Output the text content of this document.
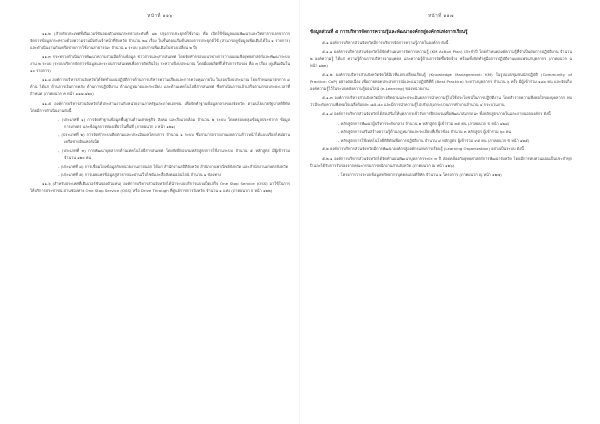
หน้าที่ ๑๑๖

๑๑.๒ (สำหรับประเทศที่เติมเวอร์ชันจองตัวแทนกระทรวงระดับที่ ๑๒ ปรุงการประยุกต์ใช้งาน) คือ เปิดใช้ข้อมูลแผนพัฒนาและวิทยาการเจรจาการ จัดการข้อมูลกระทรวงด้วยความร่วมมือกับเจ้าหน้าที่จังหวัด จำนวน ๒๔ เรื่อง ในขั้นตอนเริ่มต้นของการประยุกต์ใช้ (สามารถดูข้อมูลเพิ่มเติมได้ใน ๑ รายการ) และดำเนินงานกับเครือข่ายการใช้งานสาธารณะ จำนวน ๑ ระบบ (เอกสารเพิ่มเติมในช่วงเปลี่ยน ๒ ปี)

๑๑.๓ กระทรวงดำเนินการพัฒนาความร่วมมือด้านข้อมูล ข่าวสารและสารสนเทศ โดยจัดทำกรอบแนวทางการวางแผนเชิงยุทธศาสตร์และพัฒนาระบบงาน ๒ ระบบ (ระบบบริหารจัดการข้อมูลและระบบสารสนเทศเพื่อการตัดสินใจ) ระหว่างปีงบประมาณ โดยมีผลผลิตที่ได้รับการรับรอง คือ ๓ เรื่อง (ดูเพิ่มเติมใน ๑๐ รายการ)

๑๑.๔ องค์การบริหารส่วนจังหวัดได้จัดทำแผนปฏิบัติการด้านการบริหารความเสี่ยงและการควบคุมภายใน ในรอบปีงบประมาณ โดยกำหนดมาตรการ ๔ ด้าน ได้แก่ ด้านการเงินการคลัง ด้านการปฏิบัติงาน ด้านกฎหมายและระเบียบ และด้านเทคโนโลยีสารสนเทศ ซึ่งดำเนินการแล้วเสร็จตามกรอบระยะเวลาที่กำหนด (ภาคผนวก ค หน้า ๑๑๗-๑๒๐)

๑๑.๕ องค์การบริหารส่วนจังหวัดได้ประสานงานกับหน่วยงานภาครัฐและภาคเอกชน เพื่อจัดทำฐานข้อมูลกลางของจังหวัด ตามนโยบายรัฐบาลดิจิทัล โดยมีการดำเนินงานดังนี้

- (ประเภทที่ ๑) การจัดทำฐานข้อมูลพื้นฐานด้านเศรษฐกิจ สังคม และสิ่งแวดล้อม จำนวน ๒ ระบบ โดยครอบคลุมข้อมูลประชากร ข้อมูลการเกษตร และข้อมูลการท่องเที่ยวในพื้นที่ (ภาคผนวก ง หน้า ๑๒๑)

- (ประเภทที่ ๒) การจัดทำระบบติดตามและประเมินผลโครงการ จำนวน ๑ ระบบ ซึ่งสามารถรายงานผลความก้าวหน้าได้แบบเรียลไทม์ผ่านเครือข่ายอินเทอร์เน็ต

- (ประเภทที่ ๓) การพัฒนาบุคลากรด้านเทคโนโลยีสารสนเทศ โดยจัดฝึกอบรมหลักสูตรการใช้งานระบบ จำนวน ๕ หลักสูตร มีผู้เข้าร่วมจำนวน ๑๒๐ คน

- (ประเภทที่ ๔) การเชื่อมโยงข้อมูลกับหน่วยงานภายนอก ได้แก่ สำนักงานสถิติจังหวัด สำนักงานพาณิชย์จังหวัด และสำนักงานเกษตรจังหวัด

- (ประเภทที่ ๕) การเผยแพร่ข้อมูลสู่สาธารณะผ่านเว็บไซต์และสื่อสังคมออนไลน์ จำนวน ๑ ช่องทาง

๑๑.๖ (สำหรับประเทศที่เติมเวอร์ชันจองตัวแทน) องค์การบริหารส่วนจังหวัดได้นำระบบบริการแบบเบ็ดเสร็จ One Stop Service (OSS) มาใช้ในการให้บริการประชาชน ผ่านช่องทาง One Stop Service (OSS) หรือ Drive Through ที่ศูนย์ราชการจังหวัด จำนวน ๑ แห่ง (ภาคผนวก จ หน้า ๑๒๒)

หน้าที่ ๑๑๗
ข้อมูลส่วนที่ ๕ การบริหารจัดการความรู้และพัฒนาองค์กรสู่องค์กรแห่งการเรียนรู้

๕.๑ องค์การบริหารส่วนจังหวัดมีการบริหารจัดการความรู้ภายในองค์กร ดังนี้

๕.๑.๑ องค์การบริหารส่วนจังหวัดได้จัดทำแผนการจัดการความรู้ (KM Action Plan) ประจำปี โดยกำหนดองค์ความรู้ที่จำเป็นต่อการปฏิบัติงาน จำนวน ๒ องค์ความรู้ ได้แก่ ความรู้ด้านการบริหารงานบุคคล และความรู้ด้านการจัดซื้อจัดจ้าง พร้อมทั้งจัดทำคู่มือการปฏิบัติงานเผยแพร่แก่บุคลากร (ภาคผนวก ฉ หน้า ๑๒๓)

๕.๑.๒ องค์การบริหารส่วนจังหวัดจัดให้มีเวทีแลกเปลี่ยนเรียนรู้ (Knowledge Management: KM) ในรูปแบบชุมชนนักปฏิบัติ (Community of Practice: CoP) อย่างต่อเนื่อง เพื่อถ่ายทอดประสบการณ์และแนวปฏิบัติที่ดี (Best Practice) ระหว่างบุคลากร จำนวน ๖ ครั้ง มีผู้เข้าร่วม ๑๘๐ คน และจัดเก็บองค์ความรู้ไว้ในระบบคลังความรู้ออนไลน์ (e-Learning) ของหน่วยงาน

๕.๑.๓ องค์การบริหารส่วนจังหวัดมีการติดตามและประเมินผลการนำความรู้ไปใช้ประโยชน์ในการปฏิบัติงาน โดยสำรวจความพึงพอใจของบุคลากร พบว่ามีระดับความพึงพอใจเฉลี่ยร้อยละ ๘๕.๔๐ และมีการนำความรู้ไปปรับปรุงกระบวนการทำงานจำนวน ๔ กระบวนงาน

๕.๑.๔ องค์การบริหารส่วนจังหวัดได้ส่งเสริมให้บุคลากรเข้ารับการฝึกอบรมเพื่อพัฒนาสมรรถนะ ทั้งหลักสูตรภายในและภายนอกองค์กร ดังนี้

- หลักสูตรการพัฒนาผู้บริหารระดับกลาง จำนวน ๒ หลักสูตร ผู้เข้าร่วม ๓๕ คน (ภาคผนวก ช หน้า ๑๒๔)

- หลักสูตรการเสริมสร้างความรู้ด้านกฎหมายและระเบียบที่เกี่ยวข้อง จำนวน ๓ หลักสูตร ผู้เข้าร่วม ๖๐ คน

- หลักสูตรการใช้เทคโนโลยีดิจิทัลเพื่อการปฏิบัติงาน จำนวน ๔ หลักสูตร ผู้เข้าร่วม ๙๕ คน (ภาคผนวก ซ หน้า ๑๒๕)

๕.๒ องค์การบริหารส่วนจังหวัดมีการพัฒนาองค์กรสู่องค์กรแห่งการเรียนรู้ (Learning Organization) อย่างเป็นระบบ ดังนี้

๕.๒.๑ องค์การบริหารส่วนจังหวัดได้จัดทำแผนพัฒนาบุคลากรระยะ ๓ ปี สอดคล้องกับยุทธศาสตร์การพัฒนาจังหวัด โดยมีการทบทวนแผนเป็นประจำทุกปี และได้รับการรับรองจากคณะกรรมการพนักงานส่วนจังหวัด (ภาคผนวก ฌ หน้า ๑๒๖)

- โครงการวางระบบข้อมูลทรัพยากรบุคคลแบบดิจิทัล จำนวน ๑ โครงการ (ภาคผนวก ญ หน้า ๑๒๗)
